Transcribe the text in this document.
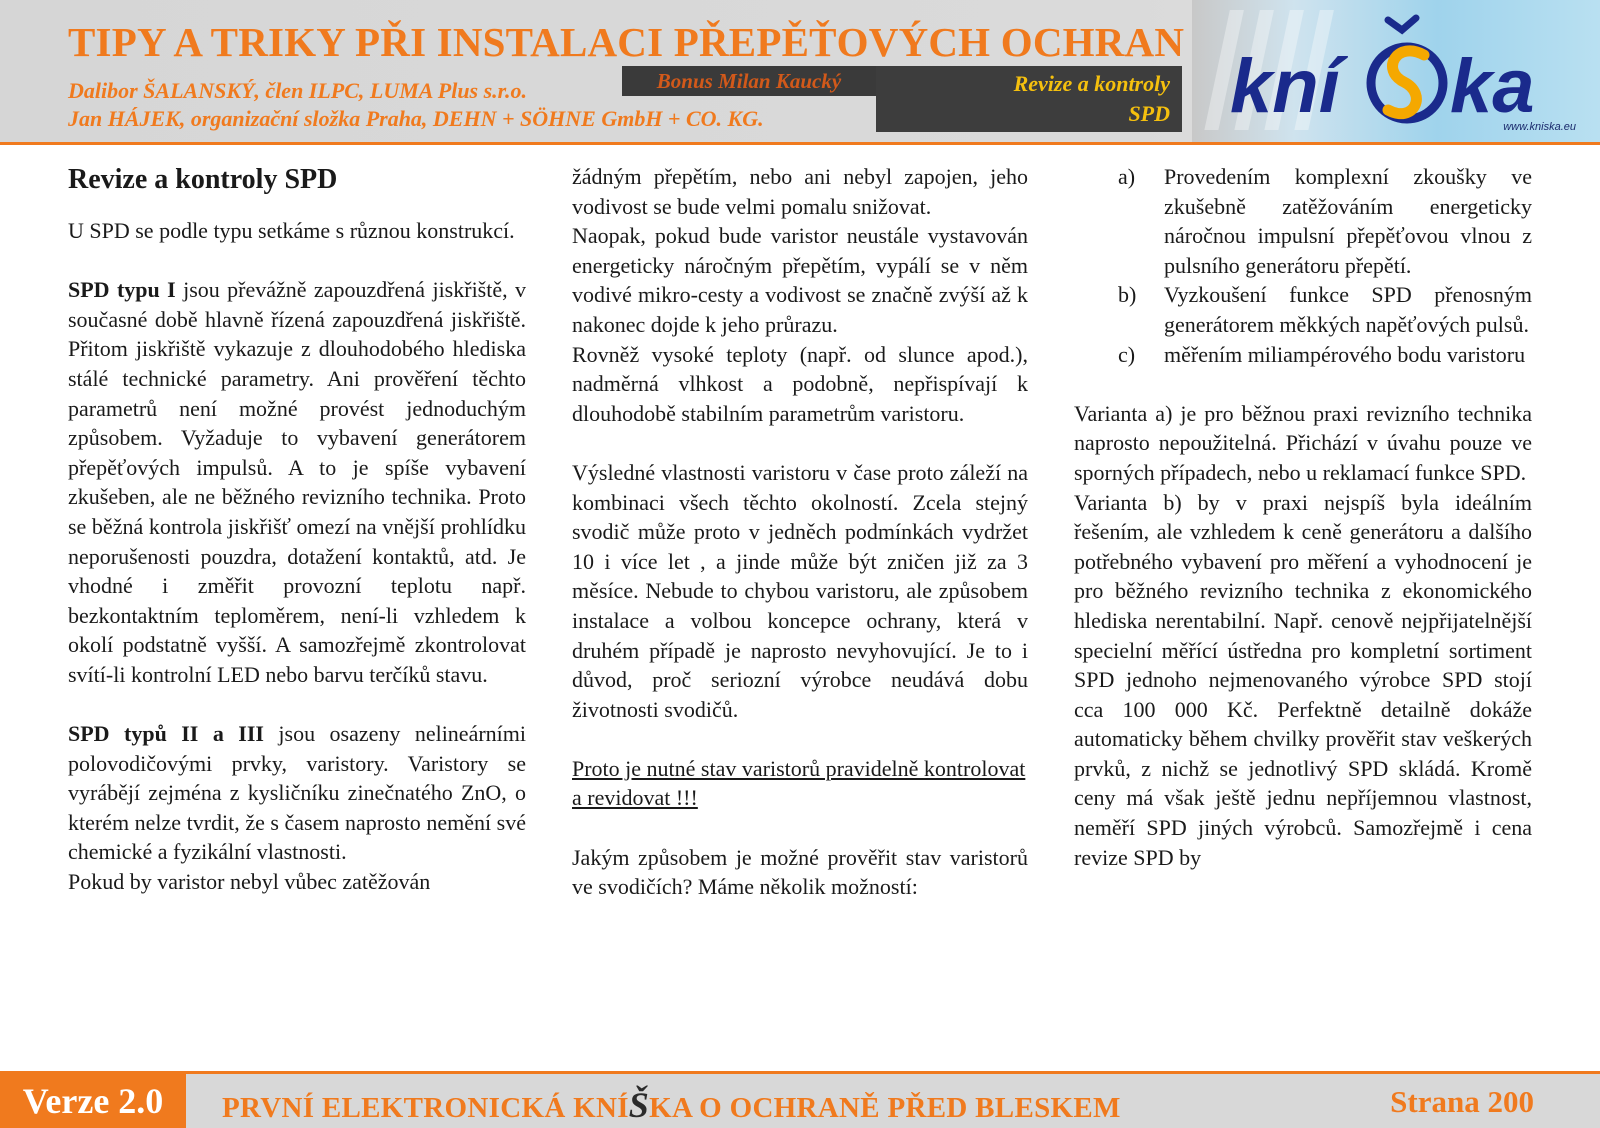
TIPY A TRIKY PŘI INSTALACI PŘEPĚŤOVÝCH OCHRAN
Dalibor ŠALANSKÝ, člen ILPC, LUMA Plus s.r.o.
Jan HÁJEK, organizační složka Praha, DEHN + SÖHNE GmbH + CO. KG.
Bonus Milan Kaucký	Revize a kontroly
SPD kní ka
www.kniska.eu
Revize a kontroly SPD

U SPD se podle typu setkáme s různou konstrukcí.

SPD typu I jsou převážně zapouzdřená jiskřiště, v současné době hlavně řízená zapouzdřená jiskřiště. Přitom jiskřiště vykazuje z dlouhodobého hlediska stálé technické parametry. Ani prověření těchto parametrů není možné provést jednoduchým způsobem. Vyžaduje to vybavení generátorem přepěťových impulsů. A to je spíše vybavení zkušeben, ale ne běžného revizního technika. Proto se běžná kontrola jiskřišť omezí na vnější prohlídku neporušenosti pouzdra, dotažení kontaktů, atd. Je vhodné i změřit provozní teplotu např. bezkontaktním teploměrem, není-li vzhledem k okolí podstatně vyšší. A samozřejmě zkontrolovat svítí-li kontrolní LED nebo barvu terčíků stavu.

SPD typů II a III jsou osazeny nelineárními polovodičovými prvky, varistory. Varistory se vyrábějí zejména z kysličníku zinečnatého ZnO, o kterém nelze tvrdit, že s časem naprosto nemění své chemické a fyzikální vlastnosti.

Pokud by varistor nebyl vůbec zatěžován

žádným přepětím, nebo ani nebyl zapojen, jeho vodivost se bude velmi pomalu snižovat.

Naopak, pokud bude varistor neustále vystavován energeticky náročným přepětím, vypálí se v něm vodivé mikro-cesty a vodivost se značně zvýší až k nakonec dojde k jeho průrazu.

Rovněž vysoké teploty (např. od slunce apod.), nadměrná vlhkost a podobně, nepřispívají k dlouhodobě stabilním parametrům varistoru.

Výsledné vlastnosti varistoru v čase proto záleží na kombinaci všech těchto okolností. Zcela stejný svodič může proto v jedněch podmínkách vydržet 10 i více let , a jinde může být zničen již za 3 měsíce. Nebude to chybou varistoru, ale způsobem instalace a volbou koncepce ochrany, která v druhém případě je naprosto nevyhovující. Je to i důvod, proč seriozní výrobce neudává dobu životnosti svodičů.

Proto je nutné stav varistorů pravidelně kontrolovat a revidovat !!!

Jakým způsobem je možné prověřit stav varistorů ve svodičích? Máme několik možností:

a)	Provedením komplexní zkoušky ve zkušebně zatěžováním energeticky náročnou impulsní přepěťovou vlnou z pulsního generátoru přepětí.
b)	Vyzkoušení funkce SPD přenosným generátorem měkkých napěťových pulsů.
c)	měřením miliampérového bodu varistoru

Varianta a) je pro běžnou praxi revizního technika naprosto nepoužitelná. Přichází v úvahu pouze ve sporných případech, nebo u reklamací funkce SPD.

Varianta b) by v praxi nejspíš byla ideálním řešením, ale vzhledem k ceně generátoru a dalšího potřebného vybavení pro měření a vyhodnocení je pro běžného revizního technika z ekonomického hlediska nerentabilní. Např. cenově nejpřijatelnější specielní měřící ústředna pro kompletní sortiment SPD jednoho nejmenovaného výrobce SPD stojí cca 100 000 Kč. Perfektně detailně dokáže automaticky během chvilky prověřit stav veškerých prvků, z nichž se jednotlivý SPD skládá. Kromě ceny má však ještě jednu nepříjemnou vlastnost, neměří SPD jiných výrobců. Samozřejmě i cena revize SPD by

Verze 2.0	PRVNÍ ELEKTRONICKÁ KNÍŠKA O OCHRANĚ PŘED BLESKEM	Strana 200
